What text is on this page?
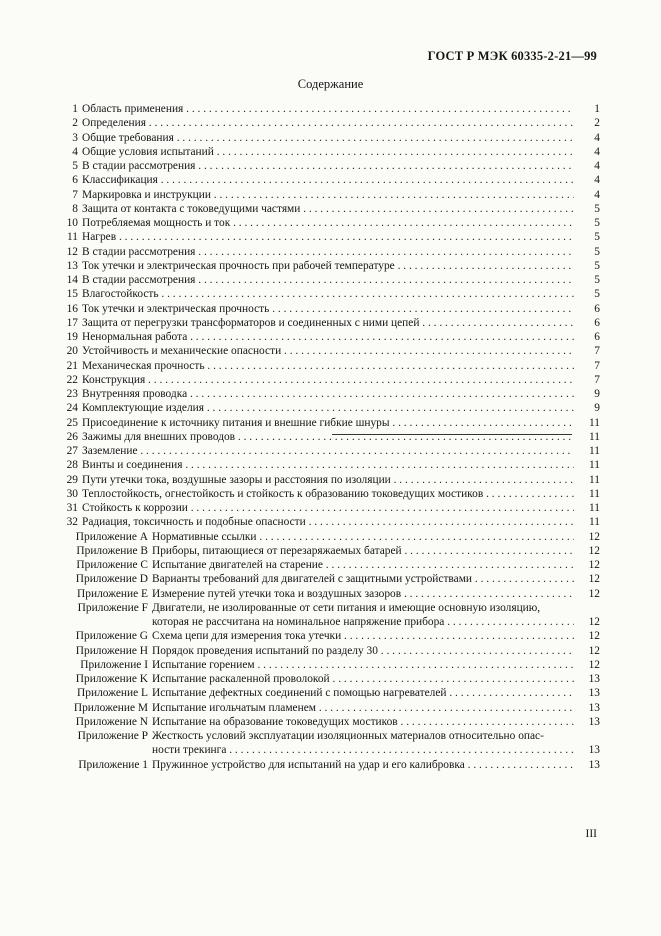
ГОСТ Р МЭК 60335-2-21—99
Содержание
1 Область применения . . .	1
2 Определения . . .	2
3 Общие требования . . .	4
4 Общие условия испытаний . . .	4
5 В стадии рассмотрения . . .	4
6 Классификация . . .	4
7 Маркировка и инструкции . . .	4
8 Защита от контакта с токоведущими частями . . .	5
10 Потребляемая мощность и ток . . .	5
11 Нагрев . . .	5
12 В стадии рассмотрения . . .	5
13 Ток утечки и электрическая прочность при рабочей температуре . . .	5
14 В стадии рассмотрения . . .	5
15 Влагостойкость . . .	5
16 Ток утечки и электрическая прочность . . .	6
17 Защита от перегрузки трансформаторов и соединенных с ними цепей . . .	6
19 Ненормальная работа . . .	6
20 Устойчивость и механические опасности . . .	7
21 Механическая прочность . . .	7
22 Конструкция . . .	7
23 Внутренняя проводка . . .	9
24 Комплектующие изделия . . .	9
25 Присоединение к источнику питания и внешние гибкие шнуры . . .	11
26 Зажимы для внешних проводов . . .	11
27 Заземление . . .	11
28 Винты и соединения . . .	11
29 Пути утечки тока, воздушные зазоры и расстояния по изоляции . . .	11
30 Теплостойкость, огнестойкость и стойкость к образованию токоведущих мостиков . . .	11
31 Стойкость к коррозии . . .	11
32 Радиация, токсичность и подобные опасности . . .	11
Приложение A Нормативные ссылки . . .	12
Приложение B Приборы, питающиеся от перезаряжаемых батарей . . .	12
Приложение C Испытание двигателей на старение . . .	12
Приложение D Варианты требований для двигателей с защитными устройствами . . .	12
Приложение E Измерение путей утечки тока и воздушных зазоров . . .	12
Приложение F Двигатели, не изолированные от сети питания и имеющие основную изоляцию,
которая не рассчитана на номинальное напряжение прибора . . .	12
Приложение G Схема цепи для измерения тока утечки . . .	12
Приложение H Порядок проведения испытаний по разделу 30 . . .	12
Приложение I Испытание горением . . .	12
Приложение K Испытание раскаленной проволокой . . .	13
Приложение L Испытание дефектных соединений с помощью нагревателей . . .	13
Приложение M Испытание игольчатым пламенем . . .	13
Приложение N Испытание на образование токоведущих мостиков . . .	13
Приложение P Жесткость условий эксплуатации изоляционных материалов относительно опас-
ности трекинга . . .	13
Приложение 1 Пружинное устройство для испытаний на удар и его калибровка . . .	13
III
